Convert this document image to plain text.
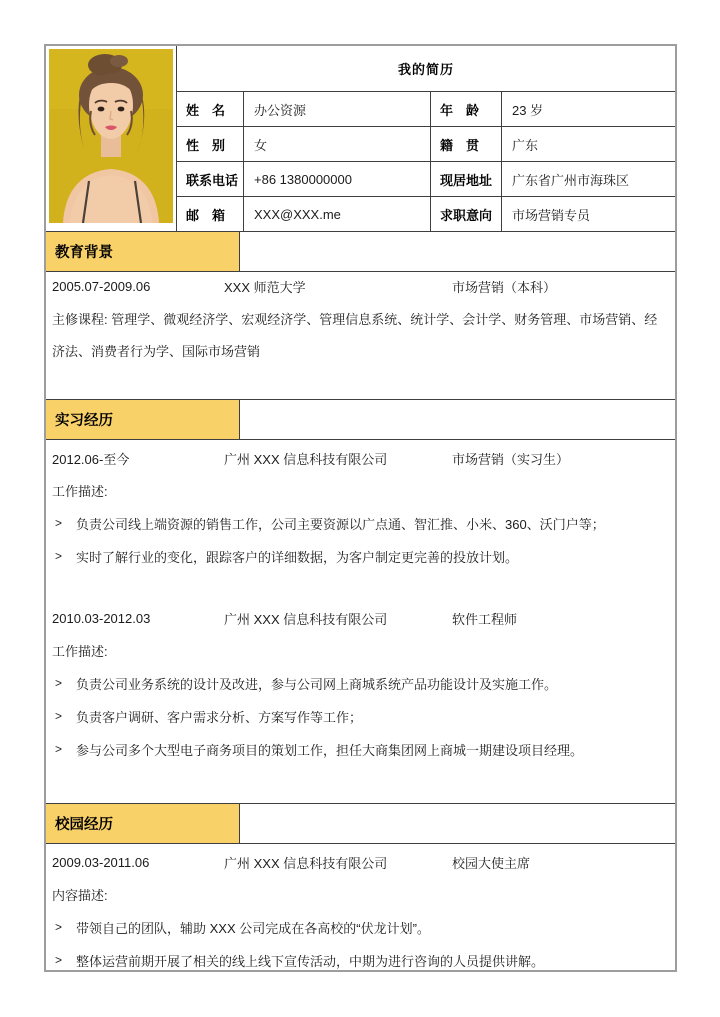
我的简历
姓　名	办公资源	年　龄	23 岁
性　别	女	籍　贯	广东
联系电话	+86 1380000000	现居地址	广东省广州市海珠区
邮　箱	XXX@XXX.me	求职意向	市场营销专员
教育背景
2005.07-2009.06	XXX 师范大学	市场营销（本科）
主修课程: 管理学、微观经济学、宏观经济学、管理信息系统、统计学、会计学、财务管理、市场营销、经济法、消费者行为学、国际市场营销
实习经历
2012.06-至今	广州 XXX 信息科技有限公司	市场营销（实习生）
工作描述:
>	负责公司线上端资源的销售工作，公司主要资源以广点通、智汇推、小米、360、沃门户等；
>	实时了解行业的变化，跟踪客户的详细数据，为客户制定更完善的投放计划。
2010.03-2012.03	广州 XXX 信息科技有限公司	软件工程师
工作描述:
>	负责公司业务系统的设计及改进，参与公司网上商城系统产品功能设计及实施工作。
>	负责客户调研、客户需求分析、方案写作等工作；
>	参与公司多个大型电子商务项目的策划工作，担任大商集团网上商城一期建设项目经理。
校园经历
2009.03-2011.06	广州 XXX 信息科技有限公司	校园大使主席
内容描述:
>	带领自己的团队，辅助 XXX 公司完成在各高校的“伏龙计划”。
>	整体运营前期开展了相关的线上线下宣传活动，中期为进行咨询的人员提供讲解。
